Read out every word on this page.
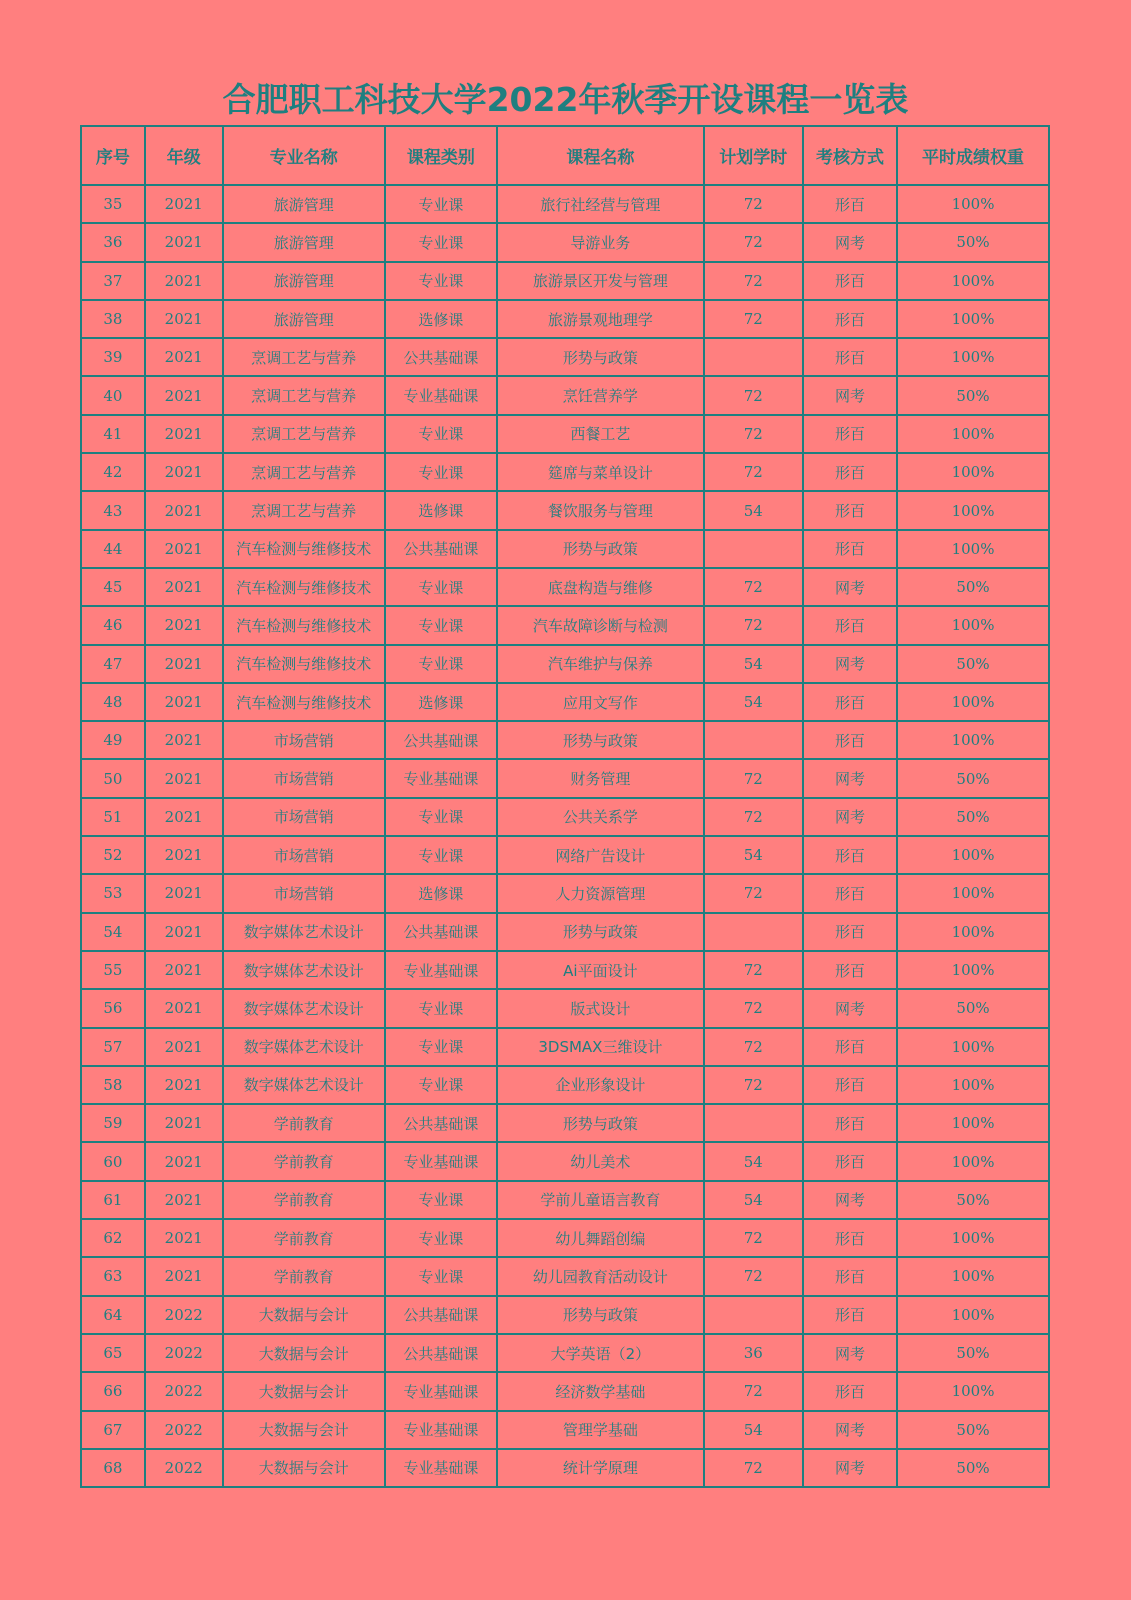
合肥职工科技大学2022年秋季开设课程一览表
序号	年级	专业名称	课程类别	课程名称	计划学时	考核方式	平时成绩权重
35	2021	旅游管理	专业课	旅行社经营与管理	72	形百	100%
36	2021	旅游管理	专业课	导游业务	72	网考	50%
37	2021	旅游管理	专业课	旅游景区开发与管理	72	形百	100%
38	2021	旅游管理	选修课	旅游景观地理学	72	形百	100%
39	2021	烹调工艺与营养	公共基础课	形势与政策		形百	100%
40	2021	烹调工艺与营养	专业基础课	烹饪营养学	72	网考	50%
41	2021	烹调工艺与营养	专业课	西餐工艺	72	形百	100%
42	2021	烹调工艺与营养	专业课	筵席与菜单设计	72	形百	100%
43	2021	烹调工艺与营养	选修课	餐饮服务与管理	54	形百	100%
44	2021	汽车检测与维修技术	公共基础课	形势与政策		形百	100%
45	2021	汽车检测与维修技术	专业课	底盘构造与维修	72	网考	50%
46	2021	汽车检测与维修技术	专业课	汽车故障诊断与检测	72	形百	100%
47	2021	汽车检测与维修技术	专业课	汽车维护与保养	54	网考	50%
48	2021	汽车检测与维修技术	选修课	应用文写作	54	形百	100%
49	2021	市场营销	公共基础课	形势与政策		形百	100%
50	2021	市场营销	专业基础课	财务管理	72	网考	50%
51	2021	市场营销	专业课	公共关系学	72	网考	50%
52	2021	市场营销	专业课	网络广告设计	54	形百	100%
53	2021	市场营销	选修课	人力资源管理	72	形百	100%
54	2021	数字媒体艺术设计	公共基础课	形势与政策		形百	100%
55	2021	数字媒体艺术设计	专业基础课	Ai平面设计	72	形百	100%
56	2021	数字媒体艺术设计	专业课	版式设计	72	网考	50%
57	2021	数字媒体艺术设计	专业课	3DSMAX三维设计	72	形百	100%
58	2021	数字媒体艺术设计	专业课	企业形象设计	72	形百	100%
59	2021	学前教育	公共基础课	形势与政策		形百	100%
60	2021	学前教育	专业基础课	幼儿美术	54	形百	100%
61	2021	学前教育	专业课	学前儿童语言教育	54	网考	50%
62	2021	学前教育	专业课	幼儿舞蹈创编	72	形百	100%
63	2021	学前教育	专业课	幼儿园教育活动设计	72	形百	100%
64	2022	大数据与会计	公共基础课	形势与政策		形百	100%
65	2022	大数据与会计	公共基础课	大学英语（2）	36	网考	50%
66	2022	大数据与会计	专业基础课	经济数学基础	72	形百	100%
67	2022	大数据与会计	专业基础课	管理学基础	54	网考	50%
68	2022	大数据与会计	专业基础课	统计学原理	72	网考	50%
